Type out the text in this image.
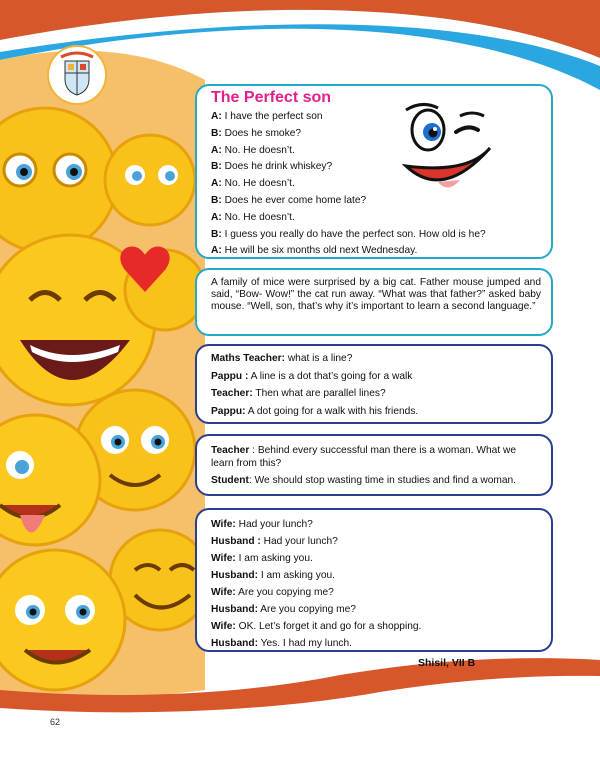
The Perfect son
A: I have the perfect son
B: Does he smoke?
A: No. He doesn’t.
B: Does he drink whiskey?
A: No. He doesn’t.
B: Does he ever come home late?
A: No. He doesn’t.
B: I guess you really do have the perfect son. How old is he?
A: He will be six months old next Wednesday.
A family of mice were surprised by a big cat. Father mouse jumped and said, “Bow- Wow!” the cat run away. “What was that father?” asked baby mouse. “Well, son, that’s why it’s important to learn a second language.”
Maths Teacher: what is a line?
Pappu : A line is a dot that’s going for a walk
Teacher: Then what are parallel lines?
Pappu: A dot going for a walk with his friends.
Teacher : Behind every successful man there is a woman. What we learn from this?
Student: We should stop wasting time in studies and find a woman.
Wife: Had your lunch?
Husband : Had your lunch?
Wife: I am asking you.
Husband: I am asking you.
Wife: Are you copying me?
Husband: Are you copying me?
Wife: OK. Let’s forget it and go for a shopping.
Husband: Yes. I had my lunch.
Shisil, VII B
62
